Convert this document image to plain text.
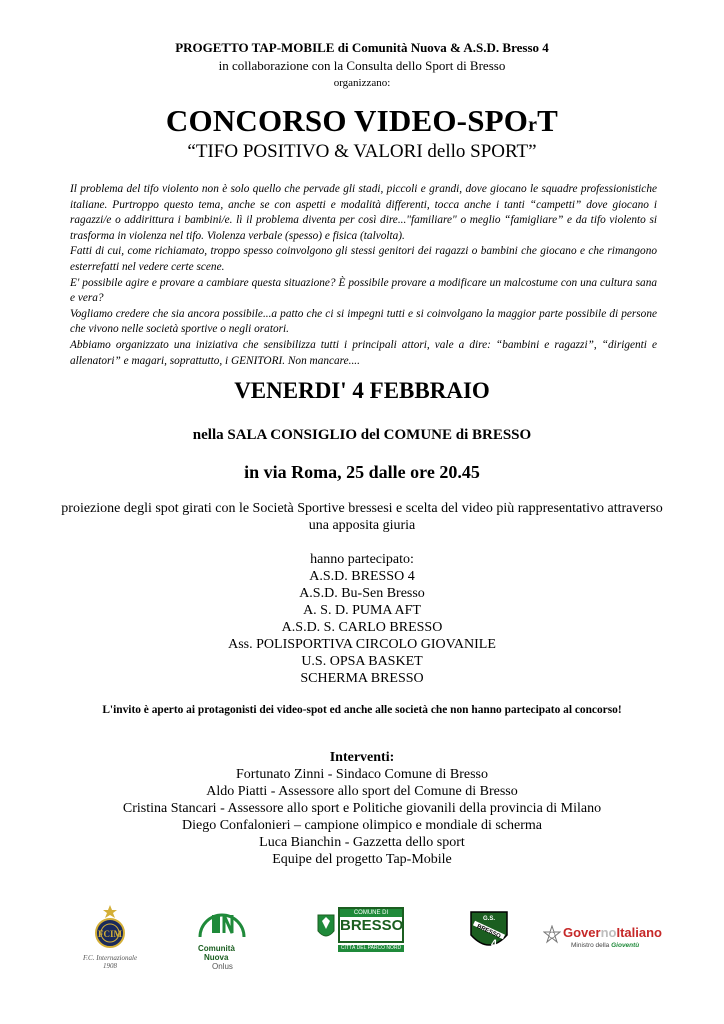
PROGETTO TAP-MOBILE di Comunità Nuova & A.S.D. Bresso 4
in collaborazione con la Consulta dello Sport di Bresso
organizzano:
CONCORSO VIDEO-SPOrT
“TIFO POSITIVO & VALORI dello SPORT”

Il problema del tifo violento non è solo quello che pervade gli stadi, piccoli e grandi, dove giocano le squadre professionistiche italiane. Purtroppo questo tema, anche se con aspetti e modalità differenti, tocca anche i tanti “campetti” dove giocano i ragazzi/e o addirittura i bambini/e. lì il problema diventa per così dire..."familiare" o meglio “famigliare” e da tifo violento si trasforma in violenza nel tifo. Violenza verbale (spesso) e fisica (talvolta).

Fatti di cui, come richiamato, troppo spesso coinvolgono gli stessi genitori dei ragazzi o bambini che giocano e che rimangono esterrefatti nel vedere certe scene.

E' possibile agire e provare a cambiare questa situazione? È possibile provare a modificare un malcostume con una cultura sana e vera?

Vogliamo credere che sia ancora possibile...a patto che ci si impegni tutti e si coinvolgano la maggior parte possibile di persone che vivono nelle società sportive o negli oratori.

Abbiamo organizzato una iniziativa che sensibilizza tutti i principali attori, vale a dire: “bambini e ragazzi”, “dirigenti e allenatori” e magari, soprattutto, i GENITORI. Non mancare....

VENERDI' 4 FEBBRAIO
nella SALA CONSIGLIO del COMUNE di BRESSO
in via Roma, 25 dalle ore 20.45
proiezione degli spot girati con le Società Sportive bressesi e scelta del video più rappresentativo attraverso una apposita giuria
hanno partecipato:
A.S.D. BRESSO 4
A.S.D. Bu-Sen Bresso
A. S. D. PUMA AFT
A.S.D. S. CARLO BRESSO
Ass. POLISPORTIVA CIRCOLO GIOVANILE
U.S. OPSA BASKET
SCHERMA BRESSO
L'invito è aperto ai protagonisti dei video-spot ed anche alle società che non hanno partecipato al concorso!
Interventi:
Fortunato Zinni - Sindaco Comune di Bresso
Aldo Piatti - Assessore allo sport del Comune di Bresso
Cristina Stancari - Assessore allo sport e Politiche giovanili della provincia di Milano
Diego Confalonieri – campione olimpico e mondiale di scherma
Luca Bianchin - Gazzetta dello sport
Equipe del progetto Tap-Mobile
FCIM
F.C. Internazionale 1908
Comunità
Nuova
Onlus
COMUNE DI
BRESSO
CITTÀ DEL PARCO NORD
G.S.
BRESSO
4
GovernoItaliano
Ministro della Gioventù
